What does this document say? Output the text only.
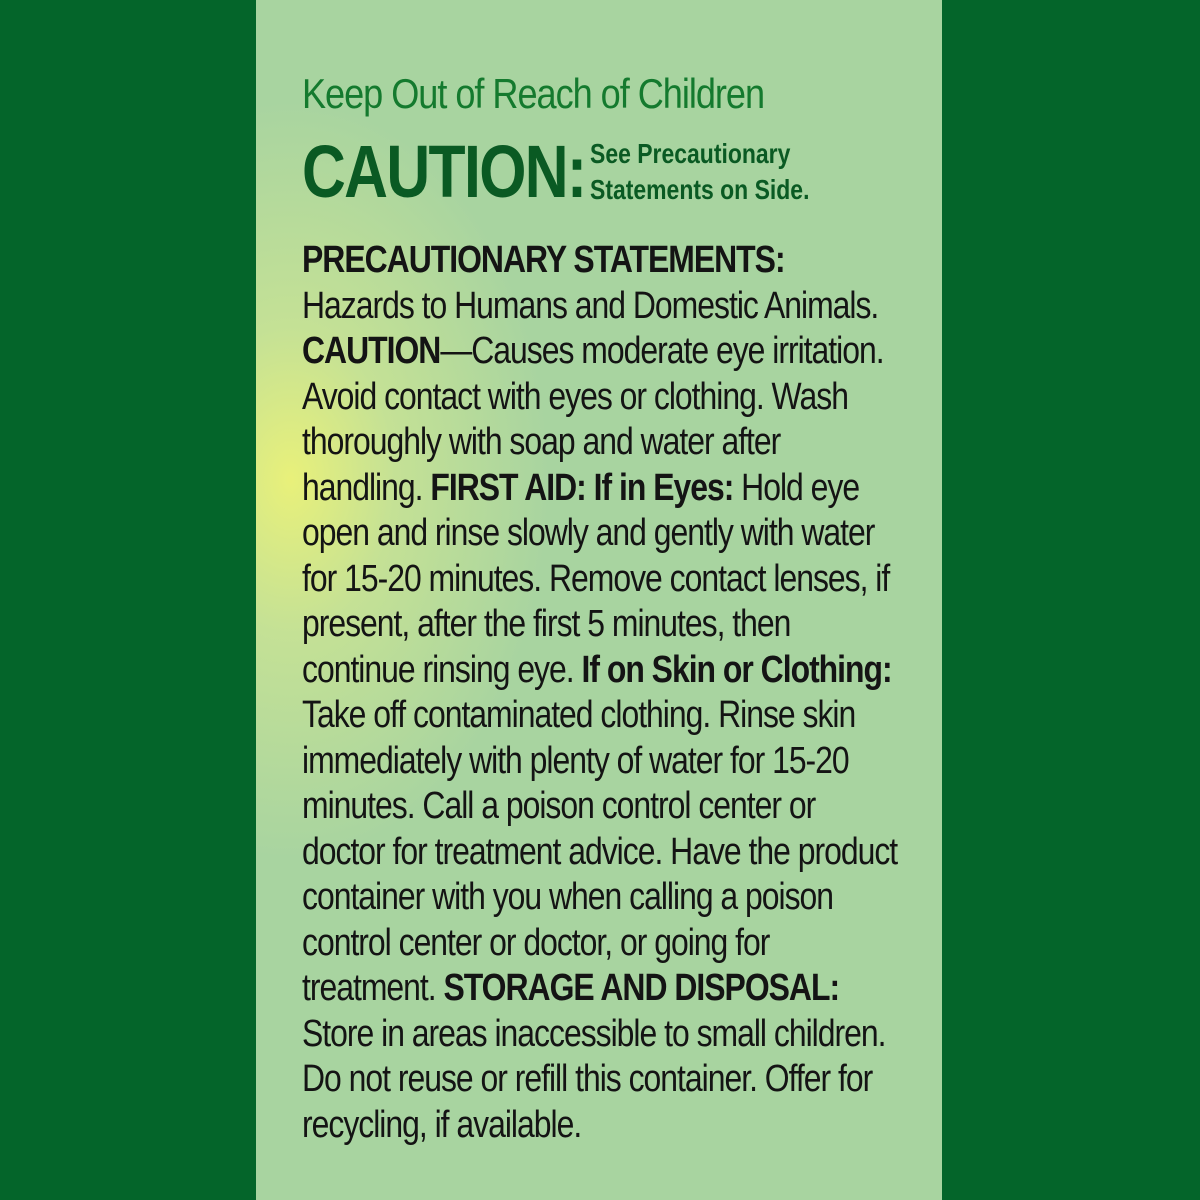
Keep Out of Reach of Children

CAUTION: See Precautionary
Statements on Side.
PRECAUTIONARY STATEMENTS: Hazards to Humans and Domestic Animals. CAUTION—Causes moderate eye irritation. Avoid contact with eyes or clothing. Wash thoroughly with soap and water after handling. FIRST AID: If in Eyes: Hold eye open and rinse slowly and gently with water for 15-20 minutes. Remove contact lenses, if present, after the first 5 minutes, then continue rinsing eye. If on Skin or Clothing: Take off contaminated clothing. Rinse skin immediately with plenty of water for 15-20 minutes. Call a poison control center or doctor for treatment advice. Have the product container with you when calling a poison control center or doctor, or going for treatment. STORAGE AND DISPOSAL: Store in areas inaccessible to small children. Do not reuse or refill this container. Offer for recycling, if available.
